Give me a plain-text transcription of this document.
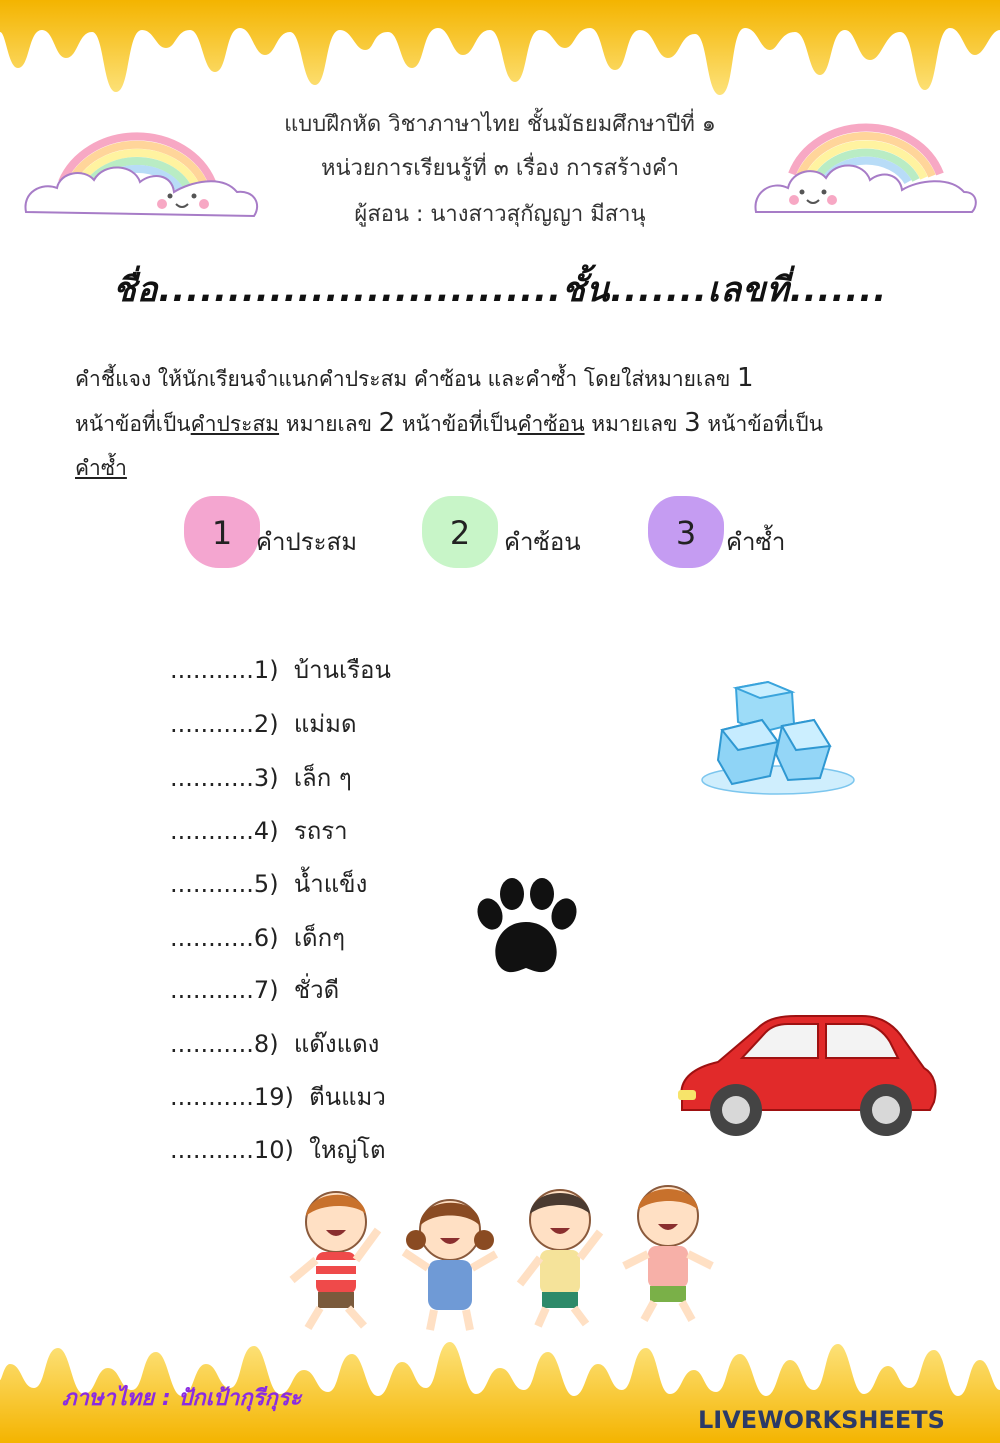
แบบฝึกหัด วิชาภาษาไทย ชั้นมัธยมศึกษาปีที่ ๑
หน่วยการเรียนรู้ที่ ๓ เรื่อง การสร้างคำ
ผู้สอน : นางสาวสุกัญญา มีสานุ
ชื่อ.............................ชั้น.......เลขที่.......
คำชี้แจง ให้นักเรียนจำแนกคำประสม คำซ้อน และคำซ้ำ โดยใส่หมายเลข 1
หน้าข้อที่เป็นคำประสม หมายเลข 2 หน้าข้อที่เป็นคำซ้อน หมายเลข 3 หน้าข้อที่เป็น
คำซ้ำ
1 คำประสม	2	คำซ้อน	3	คำซ้ำ
...........1) บ้านเรือน
...........2) แม่มด
...........3) เล็ก ๆ
...........4) รถรา
...........5) น้ำแข็ง
...........6) เด็กๆ
...........7) ชั่วดี
...........8) แด๊งแดง
...........19) ตีนแมว
...........10) ใหญ่โต
ภาษาไทย : ปักเป้ากุรีกุระ
LIVEWORKSHEETS
